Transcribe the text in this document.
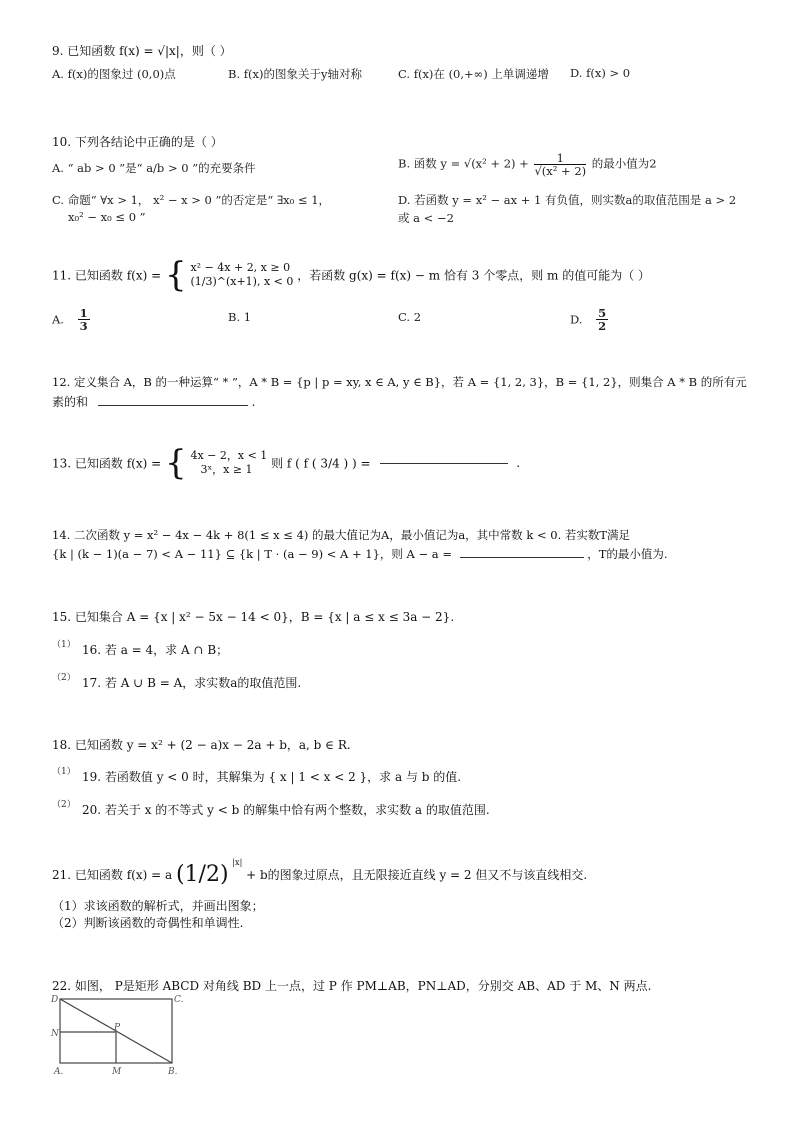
9. 已知函数 f(x) = √|x|，则（ ）
A. f(x)的图象过 (0,0)点	B. f(x)的图象关于y轴对称	C. f(x)在 (0,+∞) 上单调递增 D. f(x) > 0
10. 下列各结论中正确的是（ ）
A. “ ab > 0 ”是“ a/b > 0 ”的充要条件	B. 函数 $y = √(x^2 + 2) + \frac{1}{\text{√(x² + 2)}}$ 的最小值为2
C. 命题“ ∀x > 1， x² − x > 0 ”的否定是“ ∃x₀ ≤ 1，
x₀² − x₀ ≤ 0 ”
D. 若函数 y = x² − ax + 1 有负值，则实数a的取值范围是 a > 2
或 a < −2
11. 已知函数 f(x) = { x² − 4x + 2, x ≥ 0
(1/3)^(x+1), x < 0 ，若函数 g(x) = f(x) − m 恰有 3 个零点，则 m 的值可能为（ ）
A. $\frac{1}{3}$	B. 1	C. 2	D. $\frac{5}{2}$
12. 定义集合 A，B 的一种运算“ * ”，A * B = {p | p = xy, x ∈ A, y ∈ B}，若 A = {1, 2, 3}，B = {1, 2}，则集合 A * B 的所有元
素的和	.
13. 已知函数 f(x) = { 4x − 2，x < 1
3ˣ，x ≥ 1	则 f ( f ( 3/4 ) ) =	.
14. 二次函数 y = x² − 4x − 4k + 8(1 ≤ x ≤ 4) 的最大值记为A，最小值记为a，其中常数 k < 0. 若实数T满足
{k | (k − 1)(a − 7) < A − 11} ⊆ {k | T · (a − 9) < A + 1}，则 A − a =	，T的最小值为.
15. 已知集合 A = {x | x² − 5x − 14 < 0}，B = {x | a ≤ x ≤ 3a − 2}.
（1） 16. 若 a = 4，求 A ∩ B；
（2） 17. 若 A ∪ B = A，求实数a的取值范围.
18. 已知函数 y = x² + (2 − a)x − 2a + b，a, b ∈ R.
（1） 19. 若函数值 y < 0 时，其解集为 { x | 1 < x < 2 }，求 a 与 b 的值.
（2） 20. 若关于 x 的不等式 y < b 的解集中恰有两个整数，求实数 a 的取值范围.
21. 已知函数 f(x) = a (1/2) $^{|x|}$ + b的图象过原点，且无限接近直线 y = 2 但又不与该直线相交.
（1）求该函数的解析式，并画出图象；
（2）判断该函数的奇偶性和单调性.
22. 如图， P是矩形 ABCD 对角线 BD 上一点，过 P 作 PM⊥AB，PN⊥AD，分别交 AB、AD 于 M、N 两点.
D	C.
N
P
A.	M	B.
